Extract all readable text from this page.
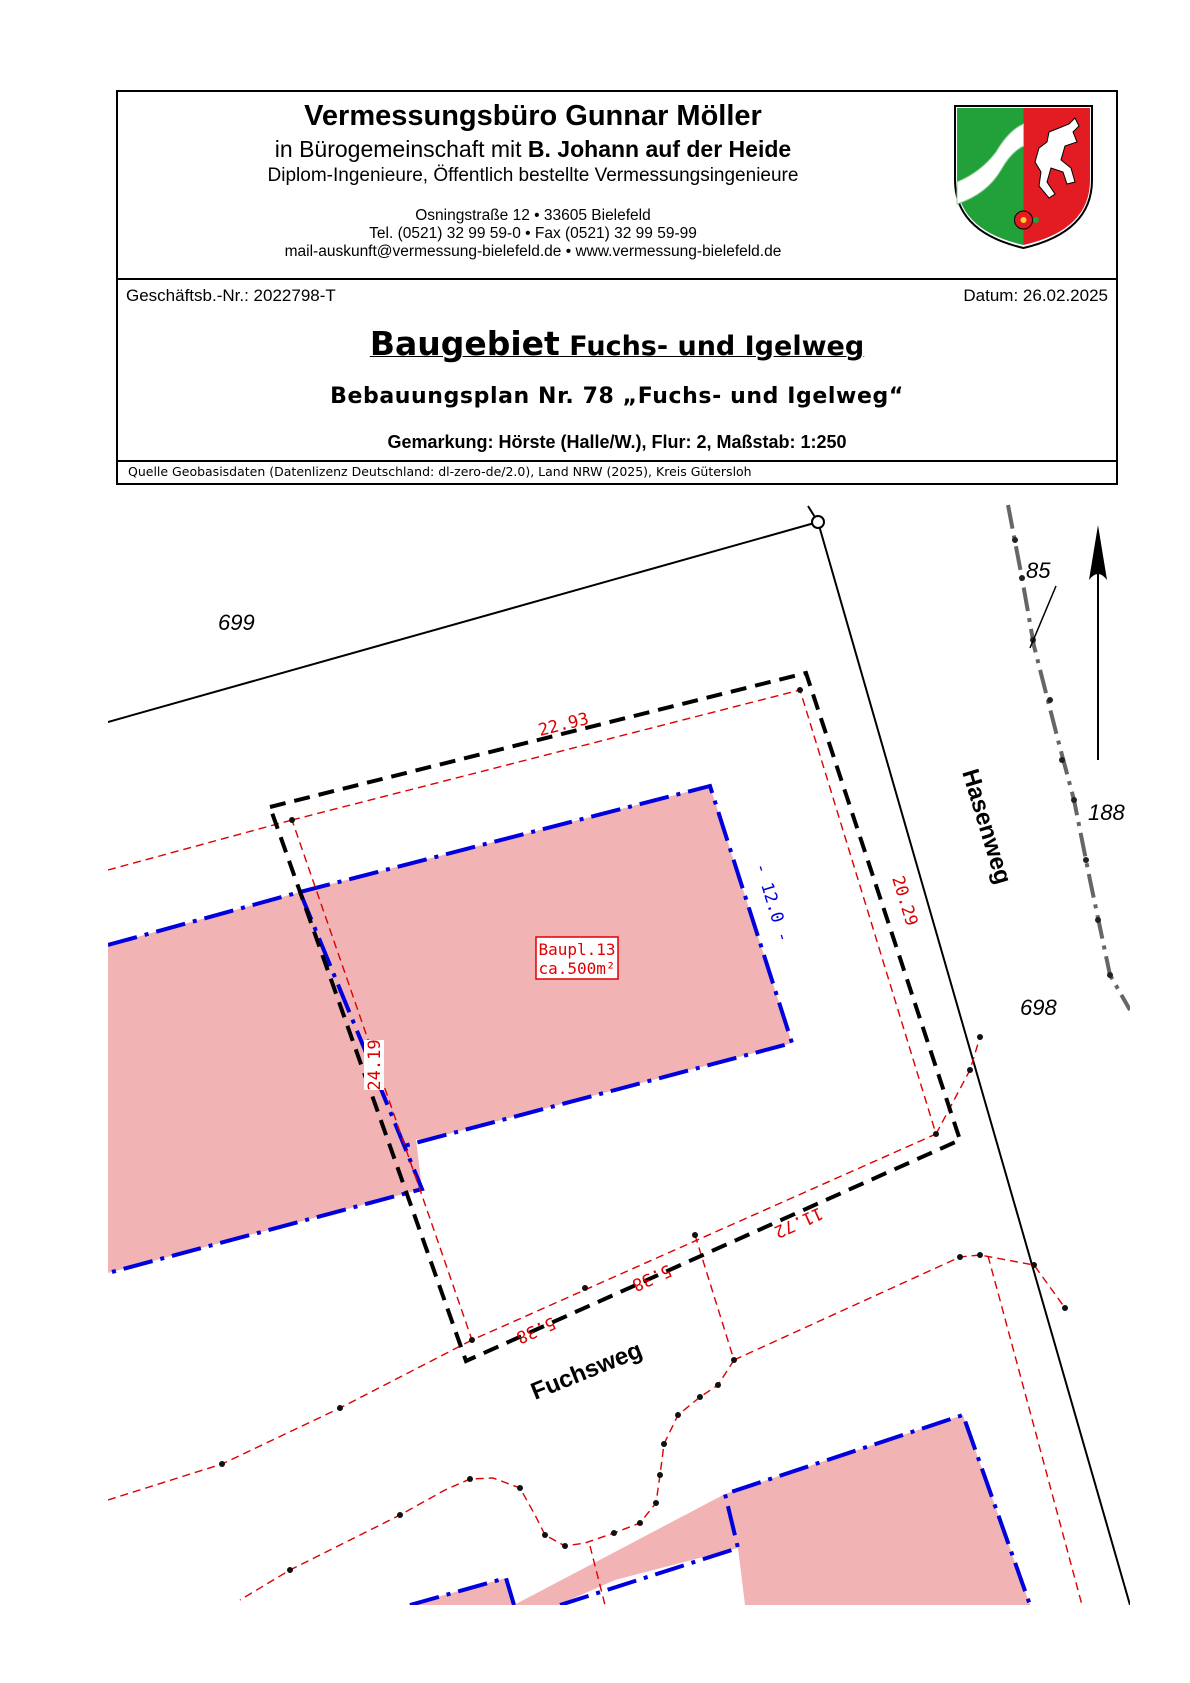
Vermessungsbüro Gunnar Möller
in Bürogemeinschaft mit B. Johann auf der Heide
Diplom-Ingenieure, Öffentlich bestellte Vermessungsingenieure
Osningstraße 12 • 33605 Bielefeld
Tel. (0521) 32 99 59-0 • Fax (0521) 32 99 59-99
mail-auskunft@vermessung-bielefeld.de • www.vermessung-bielefeld.de
Geschäftsb.-Nr.: 2022798-T	Datum: 26.02.2025
Baugebiet Fuchs- und Igelweg
Bebauungsplan Nr. 78 „Fuchs- und Igelweg“
Gemarkung: Hörste (Halle/W.), Flur: 2, Maßstab: 1:250
Quelle Geobasisdaten (Datenlizenz Deutschland: dl-zero-de/2.0), Land NRW (2025), Kreis Gütersloh
22.93
20.29
- 12.0 -
24.19
11.72
5.38
5.38
Baupl.13
ca.500m²
699
698
85
188
Hasenweg
Fuchsweg
